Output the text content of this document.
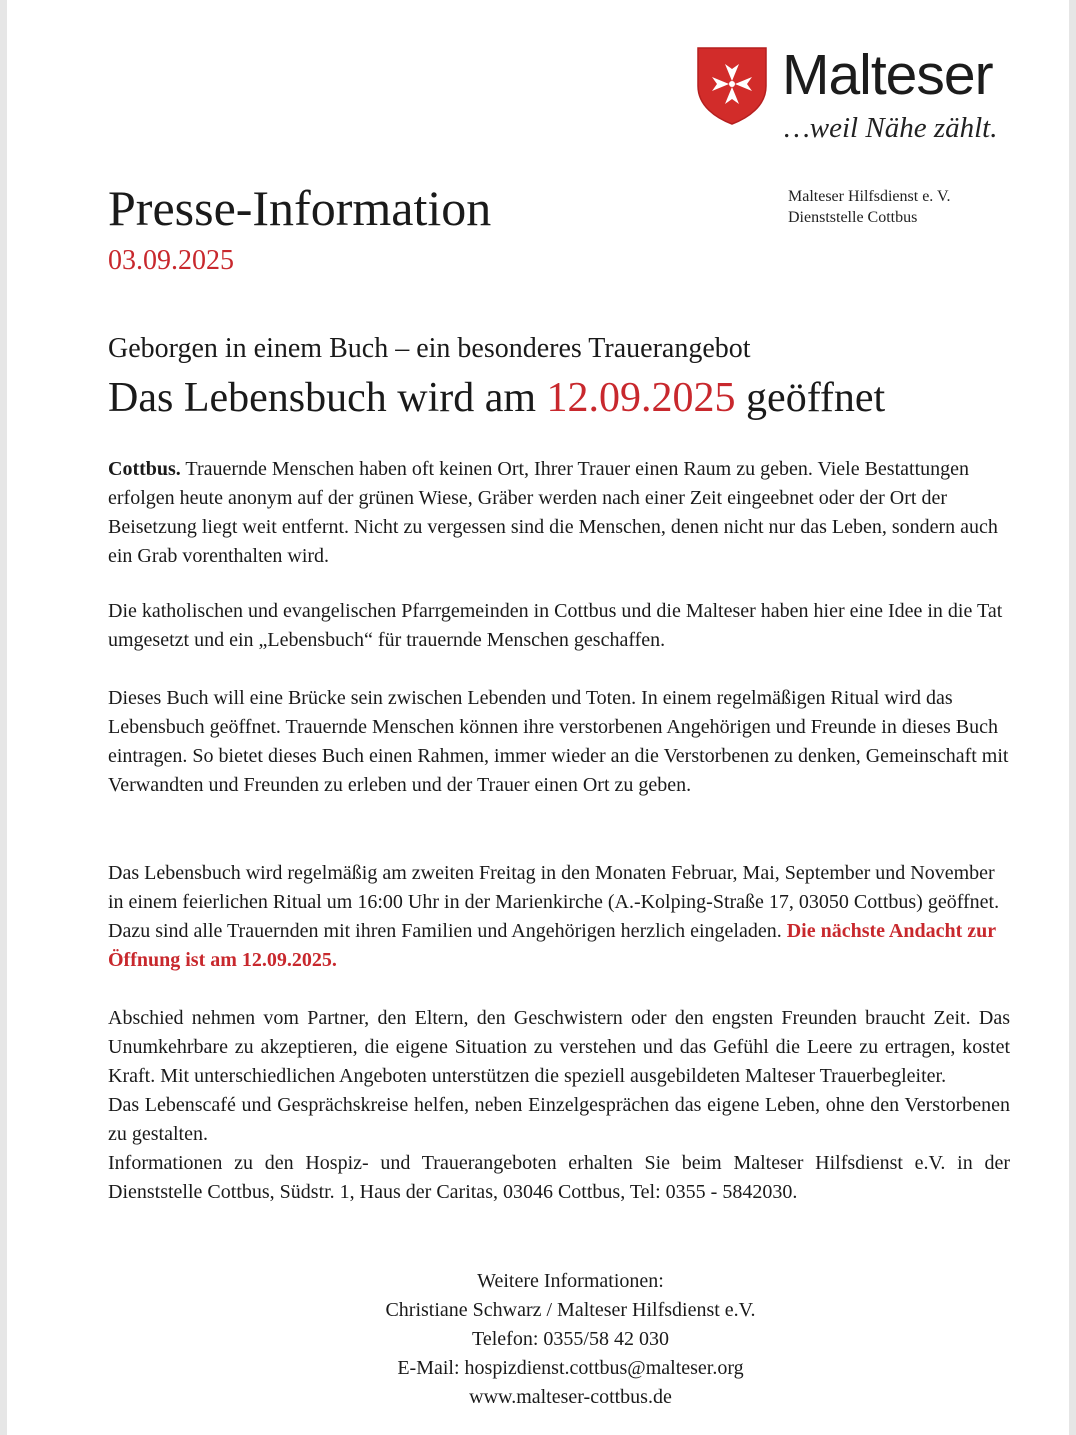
Malteser
…weil Nähe zählt.
Presse-Information
03.09.2025
Malteser Hilfsdienst e. V.
Dienststelle Cottbus
Geborgen in einem Buch – ein besonderes Trauerangebot
Das Lebensbuch wird am 12.09.2025 geöffnet

Cottbus. Trauernde Menschen haben oft keinen Ort, Ihrer Trauer einen Raum zu geben. Viele Bestattungen erfolgen heute anonym auf der grünen Wiese, Gräber werden nach einer Zeit eingeebnet oder der Ort der Beisetzung liegt weit entfernt. Nicht zu vergessen sind die Menschen, denen nicht nur das Leben, sondern auch ein Grab vorenthalten wird.

Die katholischen und evangelischen Pfarrgemeinden in Cottbus und die Malteser haben hier eine Idee in die Tat umgesetzt und ein „Lebensbuch“ für trauernde Menschen geschaffen.

Dieses Buch will eine Brücke sein zwischen Lebenden und Toten. In einem regelmäßigen Ritual wird das Lebensbuch geöffnet. Trauernde Menschen können ihre verstorbenen Angehörigen und Freunde in dieses Buch eintragen. So bietet dieses Buch einen Rahmen, immer wieder an die Verstorbenen zu denken, Gemeinschaft mit Verwandten und Freunden zu erleben und der Trauer einen Ort zu geben.

Das Lebensbuch wird regelmäßig am zweiten Freitag in den Monaten Februar, Mai, September und November in einem feierlichen Ritual um 16:00 Uhr in der Marienkirche (A.-Kolping-Straße 17, 03050 Cottbus) geöffnet. Dazu sind alle Trauernden mit ihren Familien und Angehörigen herzlich eingeladen. Die nächste Andacht zur Öffnung ist am 12.09.2025.

Abschied nehmen vom Partner, den Eltern, den Geschwistern oder den engsten Freunden braucht Zeit. Das Unumkehrbare zu akzeptieren, die eigene Situation zu verstehen und das Gefühl die Leere zu ertragen, kostet Kraft. Mit unterschiedlichen Angeboten unterstützen die speziell ausgebildeten Malteser Trauerbegleiter.

Das Lebenscafé und Gesprächskreise helfen, neben Einzelgesprächen das eigene Leben, ohne den Verstorbenen zu gestalten.

Informationen zu den Hospiz- und Trauerangeboten erhalten Sie beim Malteser Hilfsdienst e.V. in der Dienststelle Cottbus, Südstr. 1, Haus der Caritas, 03046 Cottbus, Tel: 0355 - 5842030.

Weitere Informationen:
Christiane Schwarz / Malteser Hilfsdienst e.V.
Telefon: 0355/58 42 030
E-Mail: hospizdienst.cottbus@malteser.org
www.malteser-cottbus.de
